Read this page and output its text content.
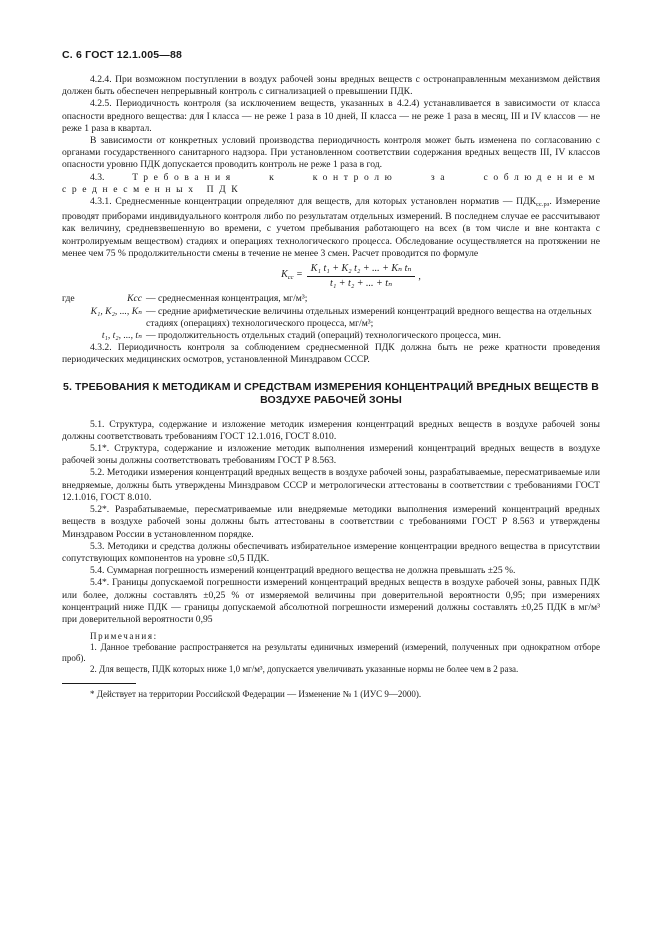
С. 6 ГОСТ 12.1.005—88

4.2.4. При возможном поступлении в воздух рабочей зоны вредных веществ с остронаправленным механизмом действия должен быть обеспечен непрерывный контроль с сигнализацией о превышении ПДК.

4.2.5. Периодичность контроля (за исключением веществ, указанных в 4.2.4) устанавливается в зависимости от класса опасности вредного вещества: для I класса — не реже 1 раза в 10 дней, II класса — не реже 1 раза в месяц, III и IV классов — не реже 1 раза в квартал.

В зависимости от конкретных условий производства периодичность контроля может быть изменена по согласованию с органами государственного санитарного надзора. При установленном соответствии содержания вредных веществ III, IV классов опасности уровню ПДК допускается проводить контроль не реже 1 раза в год.

4.3.	Требования к контролю за соблюдением среднесменных ПДК

4.3.1. Среднесменные концентрации определяют для веществ, для которых установлен норматив — $ПДК_{сс.рз}$. Измерение проводят приборами индивидуального контроля либо по результатам отдельных измерений. В последнем случае ее рассчитывают как величину, средневзвешенную во времени, с учетом пребывания работающего на всех (в том числе и вне контакта с контролируемым веществом) стадиях и операциях технологического процесса. Обследование осуществляется на протяжении не менее чем 75 % продолжительности смены в течение не менее 3 смен. Расчет проводится по формуле

$K_{сс} = \frac{\text{K₁ t₁ + K₂ t₂ + ... + Kₙ tₙ}}{\text{t₁ + t₂ + ... + tₙ}}$ ,
где	Kсс — среднесменная концентрация, мг/м³;
K₁, K₂, ..., Kₙ — средние арифметические величины отдельных измерений концентраций вредного вещества на отдельных стадиях (операциях) технологического процесса, мг/м³;
t₁, t₂, ..., tₙ — продолжительность отдельных стадий (операций) технологического процесса, мин.

4.3.2. Периодичность контроля за соблюдением среднесменной ПДК должна быть не реже кратности проведения периодических медицинских осмотров, установленной Минздравом СССР.

5. ТРЕБОВАНИЯ К МЕТОДИКАМ И СРЕДСТВАМ ИЗМЕРЕНИЯ КОНЦЕНТРАЦИЙ ВРЕДНЫХ ВЕЩЕСТВ В ВОЗДУХЕ РАБОЧЕЙ ЗОНЫ

5.1. Структура, содержание и изложение методик измерения концентраций вредных веществ в воздухе рабочей зоны должны соответствовать требованиям ГОСТ 12.1.016, ГОСТ 8.010.

5.1*. Структура, содержание и изложение методик выполнения измерений концентраций вредных веществ в воздухе рабочей зоны должны соответствовать требованиям ГОСТ Р 8.563.

5.2. Методики измерения концентраций вредных веществ в воздухе рабочей зоны, разрабатываемые, пересматриваемые или внедряемые, должны быть утверждены Минздравом СССР и метрологически аттестованы в соответствии с требованиями ГОСТ 12.1.016, ГОСТ 8.010.

5.2*. Разрабатываемые, пересматриваемые или внедряемые методики выполнения измерений концентраций вредных веществ в воздухе рабочей зоны должны быть аттестованы в соответствии с требованиями ГОСТ Р 8.563 и утверждены Минздравом России в установленном порядке.

5.3. Методики и средства должны обеспечивать избирательное измерение концентрации вредного вещества в присутствии сопутствующих компонентов на уровне ≤0,5 ПДК.

5.4. Суммарная погрешность измерений концентраций вредного вещества не должна превышать ±25 %.

5.4*. Границы допускаемой погрешности измерений концентраций вредных веществ в воздухе рабочей зоны, равных ПДК или более, должны составлять ±0,25 % от измеряемой величины при доверительной вероятности 0,95; при измерениях концентраций ниже ПДК — границы допускаемой абсолютной погрешности измерений должны составлять ±0,25 ПДК в мг/м³ при доверительной вероятности 0,95

Примечания:

1. Данное требование распространяется на результаты единичных измерений (измерений, полученных при однократном отборе проб).

2. Для веществ, ПДК которых ниже 1,0 мг/м³, допускается увеличивать указанные нормы не более чем в 2 раза.

* Действует на территории Российской Федерации — Изменение № 1 (ИУС 9—2000).
